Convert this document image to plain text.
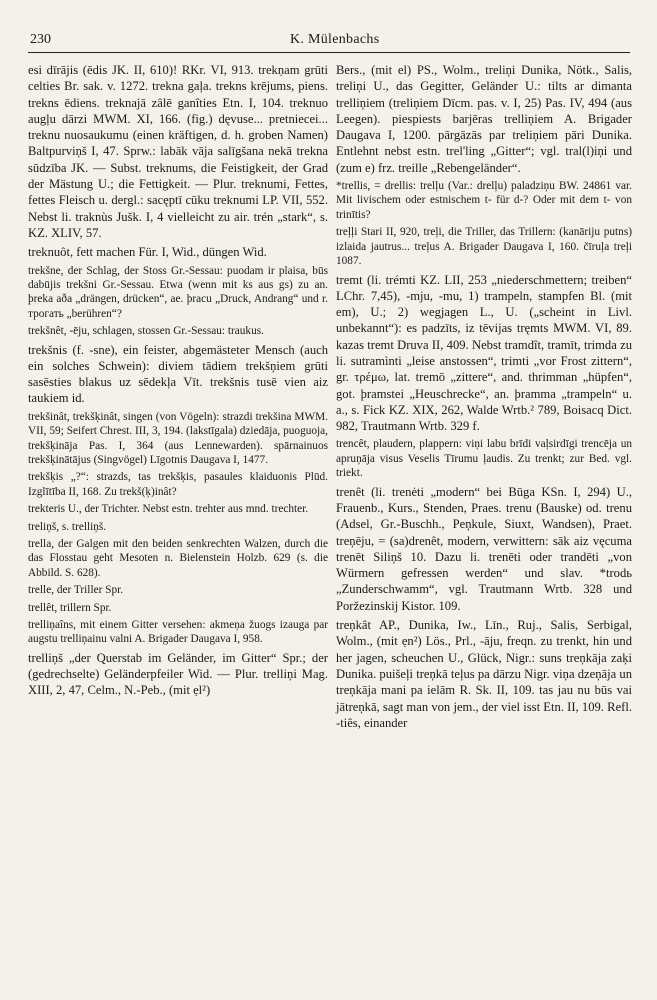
230	K. Mülenbachs

esi dīrājis (ēdis JK. II, 610)! RKr. VI, 913. trekṇam grūti celties Br. sak. v. 1272. trekna gaļa. trekns krējums, piens. trekns ēdiens. treknajā zâlē ganîties Etn. I, 104. treknuo augļu dārzi MWM. XI, 166. (fig.) dęvuse... pretniecei... treknu nuosaukumu (einen kräftigen, d. h. groben Namen) Baltpurviņš I, 47. Sprw.: labāk vāja salīgšana nekā trekna sūdzība JK. — Subst. treknums, die Feistigkeit, der Grad der Mästung U.; die Fettigkeit. — Plur. treknumi, Fettes, fettes Fleisch u. dergl.: sacęptī cūku treknumi LP. VII, 552. Nebst li. traknùs Jušk. I, 4 vielleicht zu air. trén „stark“, s. KZ. XLIV, 57.

treknuôt, fett machen Für. I, Wid., düngen Wid.

trekšne, der Schlag, der Stoss Gr.-Sessau: puodam ir plaisa, būs dabūjis trekšni Gr.-Sessau. Etwa (wenn mit ks aus gs) zu an. þreka aða „drängen, drücken“, ae. þracu „Druck, Andrang“ und r. трогать „berühren“?

trekšnêt, -ēju, schlagen, stossen Gr.-Sessau: traukus.

trekšnis (f. -sne), ein feister, abgemästeter Mensch (auch ein solches Schwein): diviem tādiem trekšņiem grūti sasēsties blakus uz sēdekļa Vīt. trekšnis tusē vien aiz taukiem id.

trekšinât, trekšķinât, singen (von Vögeln): strazdi trekšina MWM. VII, 59; Seifert Chrest. III, 3, 194. (lakstīgala) dziedāja, puoguoja, trekšķināja Pas. I, 364 (aus Lennewarden). spārnainuos trekšķinātājus (Singvögel) Līgotnis Daugava I, 1477.

trekšķis „?“: strazds, tas trekšķis, pasaules klaiduonis Plūd. Izglītība II, 168. Zu trekš(ķ)inât?

trekteris U., der Trichter. Nebst estn. trehter aus mnd. trechter.

treliņš, s. trelliņš.

trella, der Galgen mit den beiden senkrechten Walzen, durch die das Flosstau geht Mesoten n. Bielenstein Holzb. 629 (s. die Abbild. S. 628).

trelle, der Triller Spr.

trellêt, trillern Spr.

trelliņaîns, mit einem Gitter versehen: akmeņa žuogs izauga par augstu trelliņainu valni A. Brigader Daugava I, 958.

trelliņš „der Querstab im Geländer, im Gitter“ Spr.; der (gedrechselte) Geländerpfeiler Wid. — Plur. trelliņi Mag. XIII, 2, 47, Celm., N.-Peb., (mit ẹl²)

Bers., (mit el) PS., Wolm., treliņi Dunika, Nötk., Salis, treliņi U., das Gegitter, Geländer U.: tilts ar dimanta trelliņiem (treliņiem Dīcm. pas. v. I, 25) Pas. IV, 494 (aus Leegen). piespiests barjēras trelliņiem A. Brigader Daugava I, 1200. pārgāzās par treliņiem pāri Dunika. Entlehnt nebst estn. trel'ling „Gitter“; vgl. tral(l)iņi und (zum e) frz. treille „Rebengeländer“.

*trellis, = drellis: trelļu (Var.: drelļu) paladziņu BW. 24861 var. Mit livischem oder estnischem t- für d-? Oder mit dem t- von trinītis?

treļļi Stari II, 920, treļi, die Triller, das Trillern: (kanāriju putns) izlaida jautrus... treļus A. Brigader Daugava I, 160. čīruļa treļi 1087.

tremt (li. trémti KZ. LII, 253 „niederschmettern; treiben“ LChr. 7,45), -mju, -mu, 1) trampeln, stampfen Bl. (mit em), U.; 2) wegjagen L., U. („scheint in Livl. unbekannt“): es padzīts, iz tēvijas tręmts MWM. VI, 89. kazas tremt Druva II, 409. Nebst tramdît, tramīt, trimda zu li. sutramìnti „leise anstossen“, trimti „vor Frost zittern“, gr. τρέμω, lat. tremō „zittere“, and. thrimman „hüpfen“, got. þramstei „Heuschrecke“, an. þramma „trampeln“ u. a., s. Fick KZ. XIX, 262, Walde Wrtb.² 789, Boisacq Dict. 982, Trautmann Wrtb. 329 f.

trencêt, plaudern, plappern: viņi labu brīdi vaļsirdīgi trencēja un apruņāja visus Veselis Tīrumu ļaudis. Zu trenkt; zur Bed. vgl. triekt.

trenêt (li. trenėti „modern“ bei Būga KSn. I, 294) U., Frauenb., Kurs., Stenden, Praes. trenu (Bauske) od. trenu (Adsel, Gr.-Buschh., Peņkule, Siuxt, Wandsen), Praet. treņēju, = (sa)drenêt, modern, verwittern: sāk aiz vęcuma trenēt Siliņš 10. Dazu li. trenēti oder trandēti „von Würmern gefressen werden“ und slav. *trodь „Zunderschwamm“, vgl. Trautmann Wrtb. 328 und Poržezinskij Kistor. 109.

treņkât AP., Dunika, Iw., Līn., Ruj., Salis, Serbigal, Wolm., (mit ẹn²) Lös., Prl., -āju, freqn. zu trenkt, hin und her jagen, scheuchen U., Glück, Nigr.: suns treņkāja zaķi Dunika. puišeļi treņkā teļus pa dārzu Nigr. viņa dzeņāja un treņkāja mani pa ielām R. Sk. II, 109. tas jau nu būs vai jātreņkā, sagt man von jem., der viel isst Etn. II, 109. Refl. -tiês, einander
